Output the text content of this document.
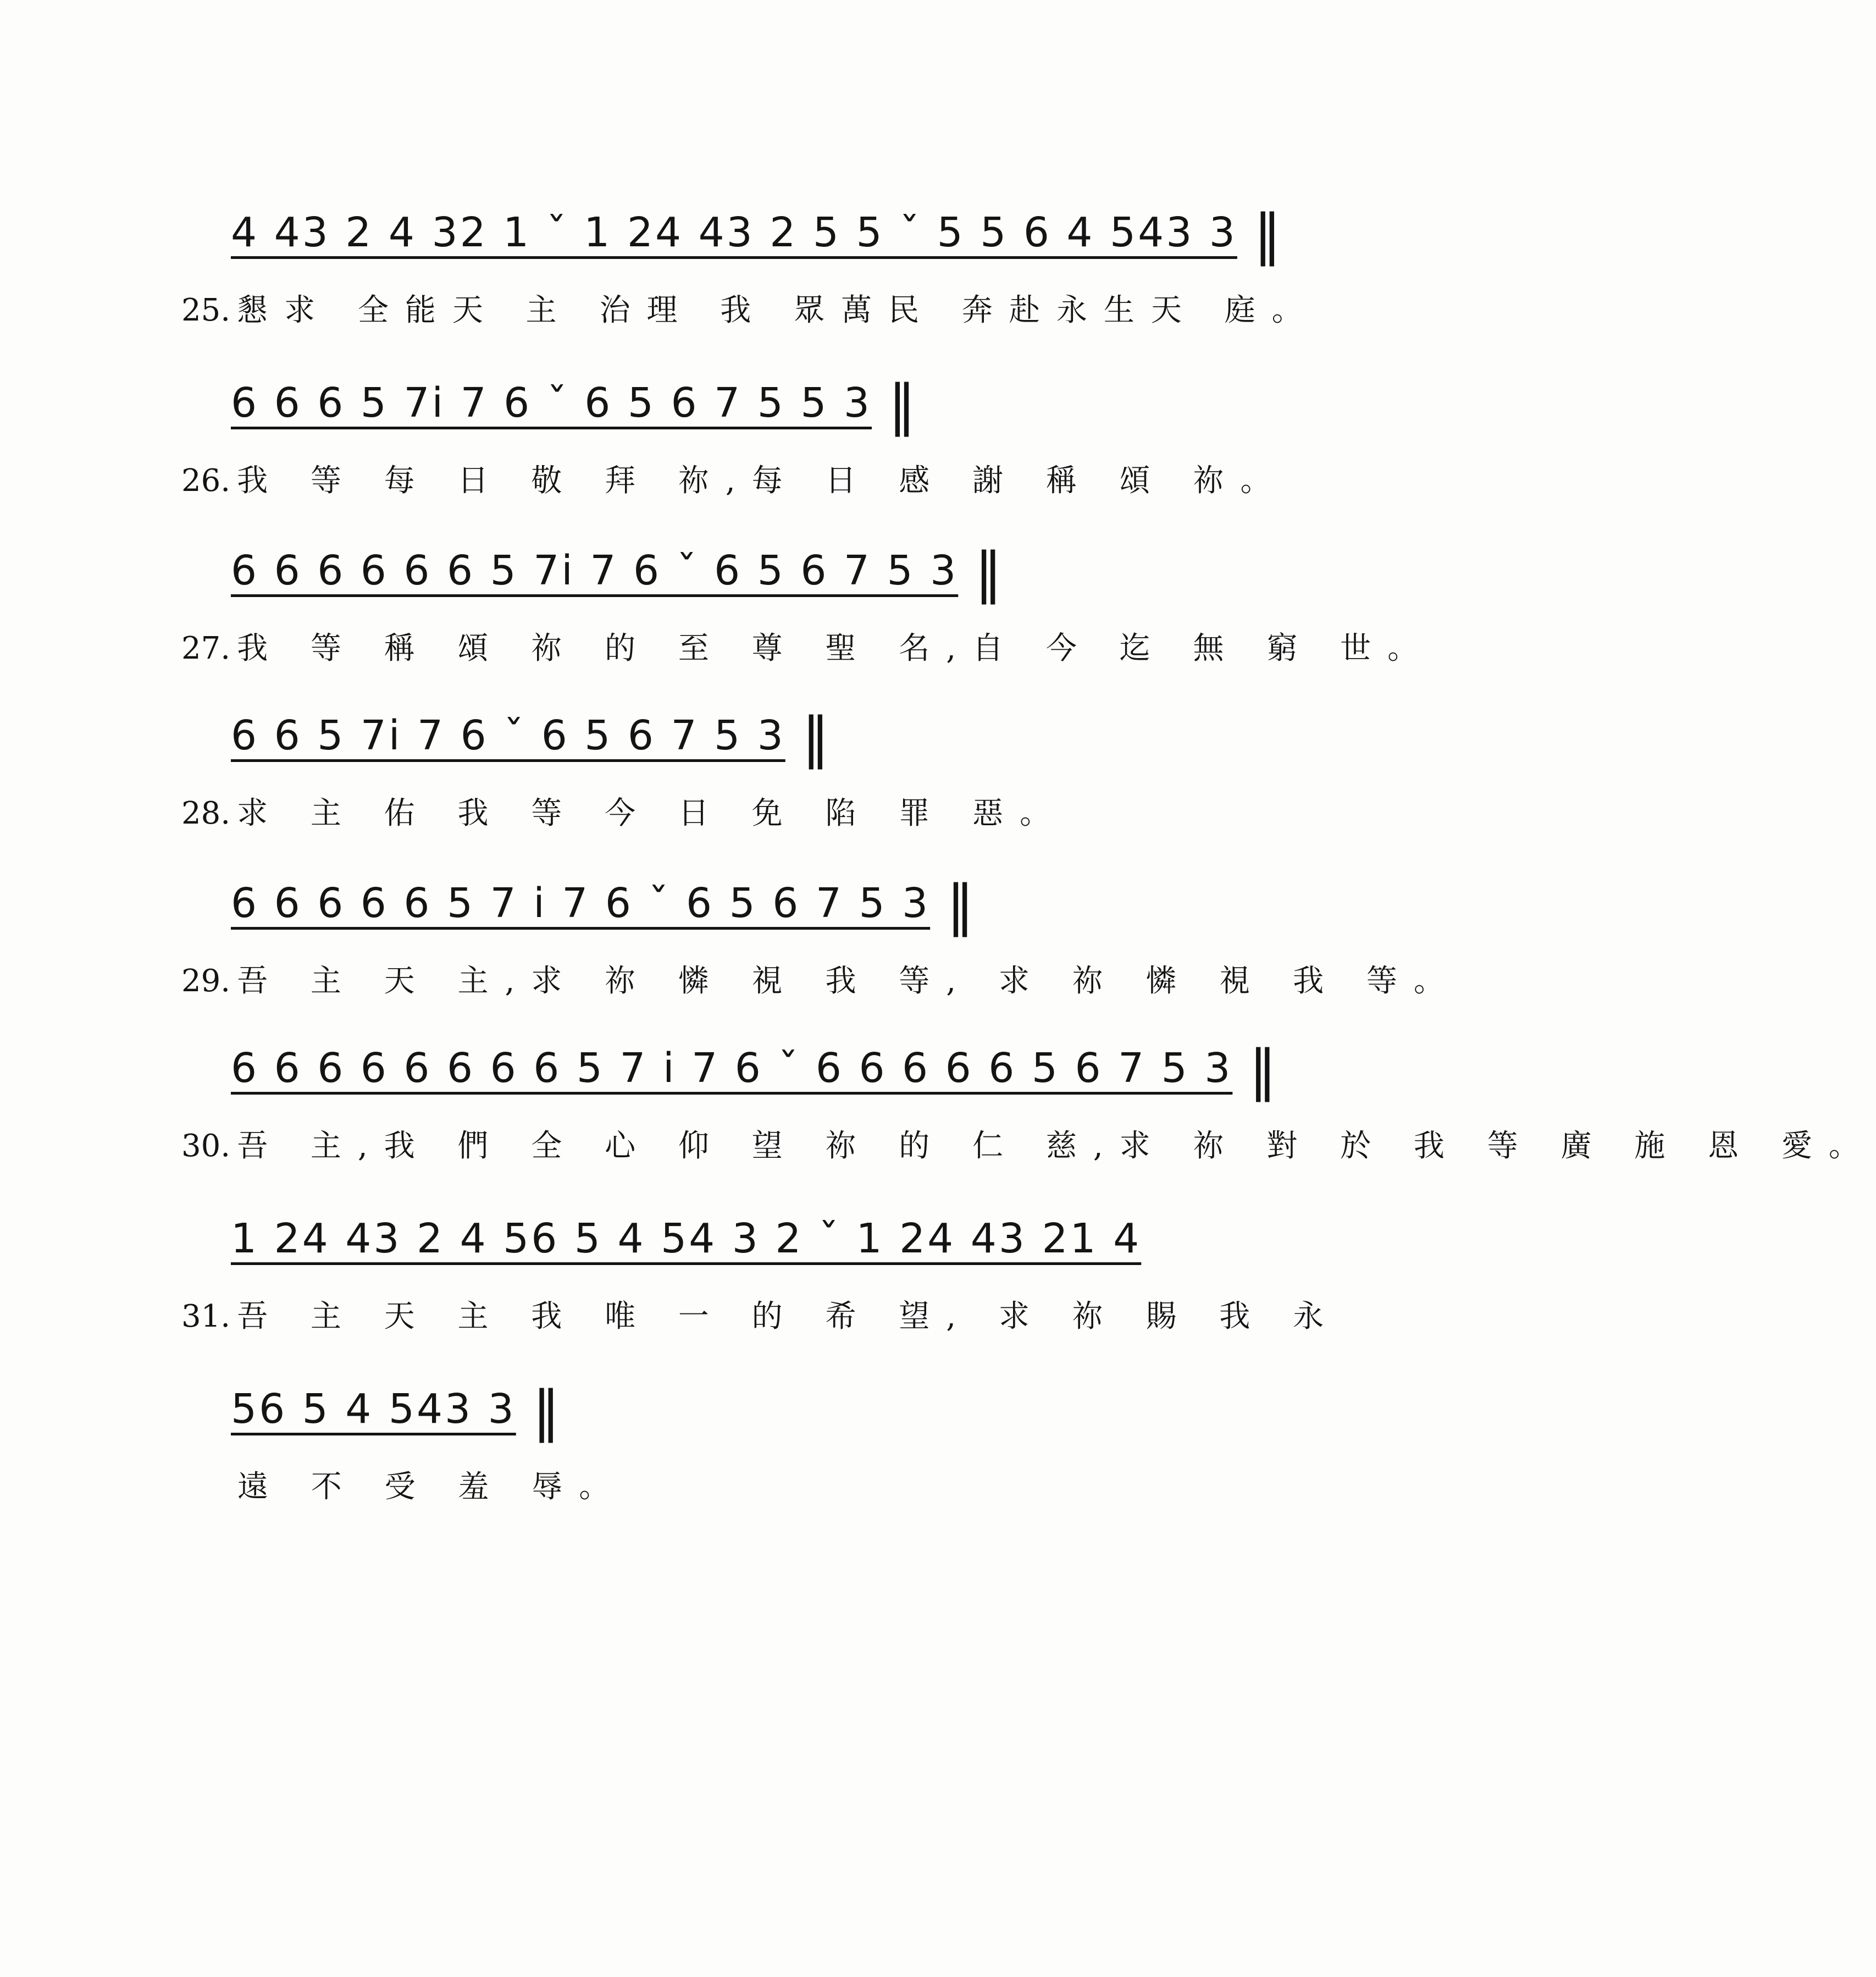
4 43 2 4 32 1 ˇ 1 24 43 2 5 5 ˇ 5 5 6 4 543 3 ‖
25. 懇求 全能天 主 治理 我 眾萬民 奔赴永生天 庭。
6 6 6 5 7i 7 6 ˇ 6 5 6 7 5 5 3 ‖
26. 我 等 每 日 敬 拜 祢,每 日 感 謝 稱 頌 祢。
6 6 6 6 6 6 5 7i 7 6 ˇ 6 5 6 7 5 3 ‖
27. 我 等 稱 頌 祢 的 至 尊 聖 名,自 今 迄 無 窮 世。
6 6 5 7i 7 6 ˇ 6 5 6 7 5 3 ‖
28. 求 主 佑 我 等 今 日 免 陷 罪 惡。
6 6 6 6 6 5 7 i 7 6 ˇ 6 5 6 7 5 3 ‖
29. 吾 主 天 主,求 祢 憐 視 我 等, 求 祢 憐 視 我 等。
6 6 6 6 6 6 6 6 5 7 i 7 6 ˇ 6 6 6 6 6 5 6 7 5 3 ‖
30. 吾 主,我 們 全 心 仰 望 祢 的 仁 慈,求 祢 對 於 我 等 廣 施 恩 愛。
1 24 43 2 4 56 5 4 54 3 2 ˇ 1 24 43 21 4
31. 吾 主 天 主 我 唯 一 的 希 望, 求 祢 賜 我 永
56 5 4 543 3 ‖
遠 不 受 羞 辱。
